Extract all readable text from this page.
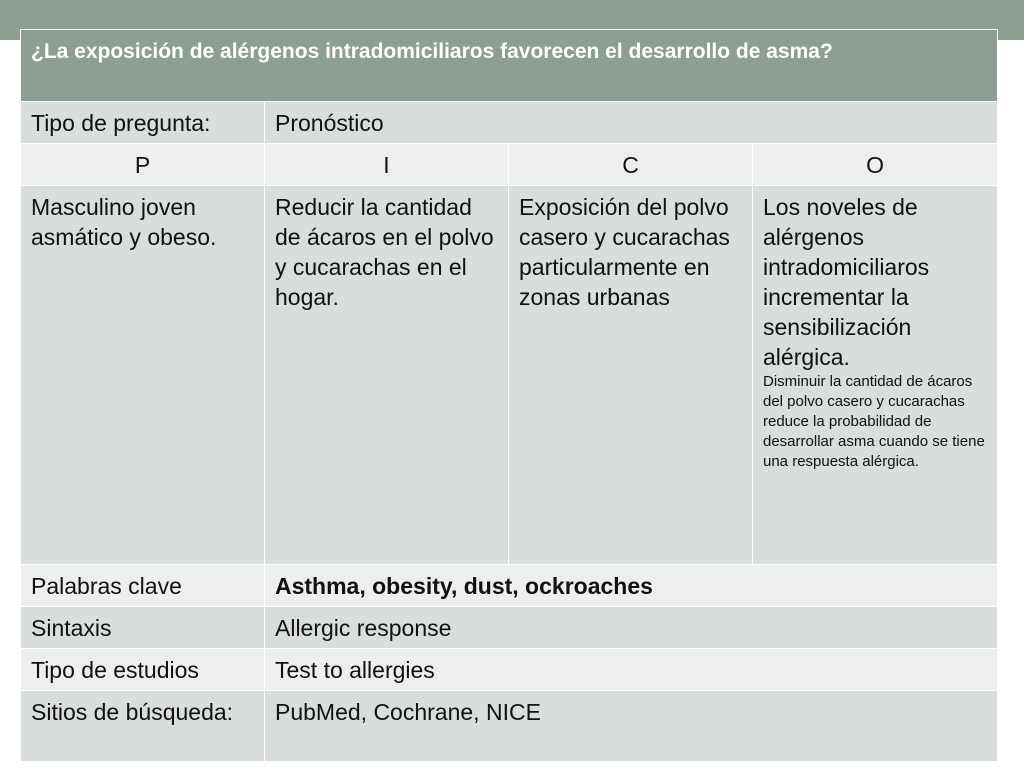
¿La exposición de alérgenos intradomiciliaros favorecen el desarrollo de asma?			
Tipo de pregunta:	Pronóstico		
P	I	C	O
Masculino joven asmático y obeso.	Reducir la cantidad de ácaros en el polvo y cucarachas en el hogar.	Exposición del polvo casero y cucarachas particularmente en zonas urbanas	Los noveles de alérgenos intradomiciliaros incrementar la sensibilización alérgica.
Disminuir la cantidad de ácaros del polvo casero y cucarachas reduce la probabilidad de desarrollar asma cuando se tiene una respuesta alérgica.

Palabras clave	Asthma, obesity, dust, ockroaches		
Sintaxis	Allergic response		
Tipo de estudios	Test to allergies		
Sitios de búsqueda:	PubMed, Cochrane, NICE		
